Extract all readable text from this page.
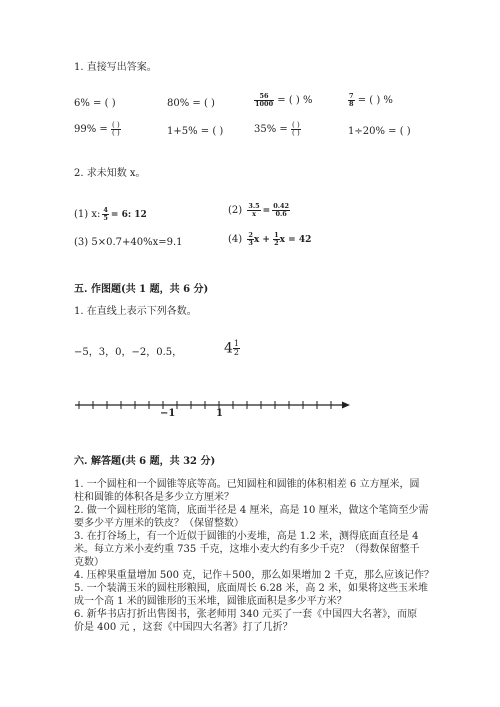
1. 直接写出答案。
6% = ( )	80% = ( )	$\frac{56}{1000}$ = ( ) %	$\frac{7}{8}$ = ( ) %
$99\% = \frac{( )}{( )}$	1+5% = ( )	$35\% = \frac{( )}{( )}$	1÷20% = ( )
2. 求未知数 x。
(1) x: $\frac{4}{5} = 6$: 12	$(2) \frac{3.5}{x} = \frac{0.42}{0.6}$
(3) 5×0.7+40%x=9.1	$(4) \frac{2}{3}$ $x + \frac{1}{2}$ x = 42
五. 作图题(共 1 题，共 6 分)
1. 在直线上表示下列各数。
−5，3，0，−2，0.5，	$4 \frac{1}{2}$
−1	1
六. 解答题(共 6 题，共 32 分)
1. 一个圆柱和一个圆锥等底等高。已知圆柱和圆锥的体积相差 6 立方厘米，圆
柱和圆锥的体积各是多少立方厘米？
2. 做一个圆柱形的笔筒，底面半径是 4 厘米，高是 10 厘米，做这个笔筒至少需
要多少平方厘米的铁皮？（保留整数）
3. 在打谷场上，有一个近似于圆锥的小麦堆，高是 1.2 米，测得底面直径是 4
米。每立方米小麦约重 735 千克，这堆小麦大约有多少千克？（得数保留整千
克数）
4. 压榨果重量增加 500 克，记作＋500，那么如果增加 2 千克，那么应该记作？
5. 一个装满玉米的圆柱形粮囤，底面周长 6.28 米，高 2 米，如果将这些玉米堆
成一个高 1 米的圆锥形的玉米堆，圆锥底面积是多少平方米？
6. 新华书店打折出售图书，张老师用 340 元买了一套《中国四大名著》，而原
价是 400 元 ，这套《中国四大名著》打了几折？
